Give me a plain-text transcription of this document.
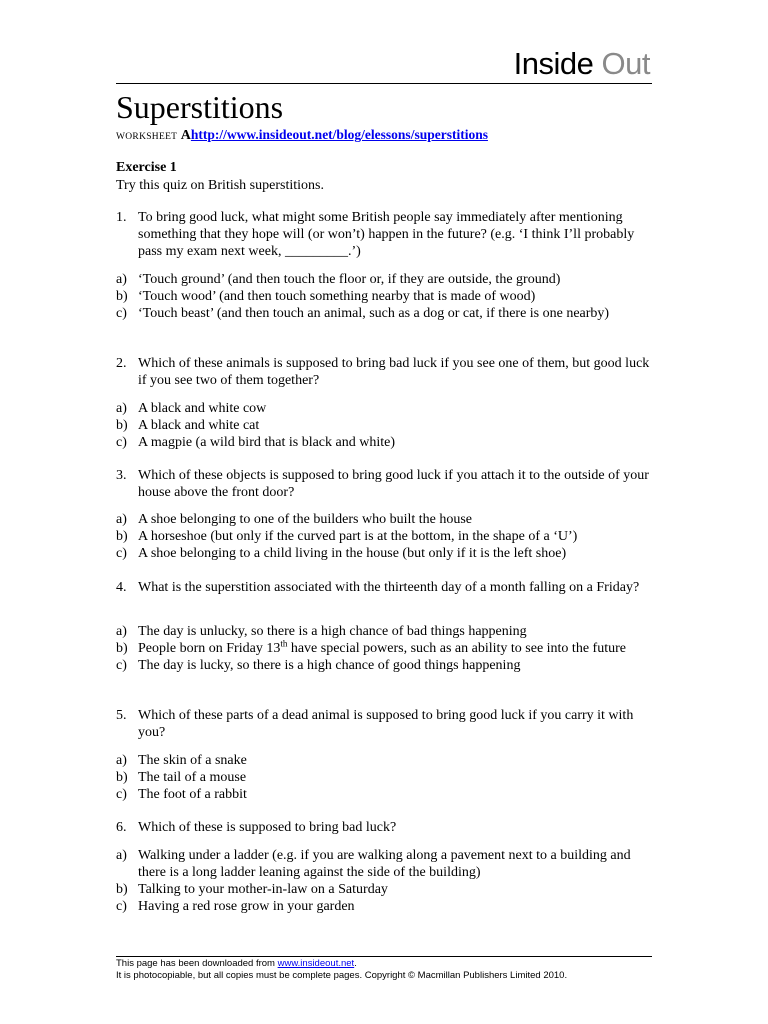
Inside Out
Superstitions
WORKSHEET Ahttp://www.insideout.net/blog/elessons/superstitions
Exercise 1
Try this quiz on British superstitions.
1. To bring good luck, what might some British people say immediately after mentioning something that they hope will (or won’t) happen in the future? (e.g. ‘I think I’ll probably pass my exam next week, _________.’)
a) ‘Touch ground’ (and then touch the floor or, if they are outside, the ground)
b) ‘Touch wood’ (and then touch something nearby that is made of wood)
c) ‘Touch beast’ (and then touch an animal, such as a dog or cat, if there is one nearby)
2. Which of these animals is supposed to bring bad luck if you see one of them, but good luck if you see two of them together?
a) A black and white cow
b) A black and white cat
c) A magpie (a wild bird that is black and white)
3. Which of these objects is supposed to bring good luck if you attach it to the outside of your house above the front door?
a) A shoe belonging to one of the builders who built the house
b) A horseshoe (but only if the curved part is at the bottom, in the shape of a ‘U’)
c) A shoe belonging to a child living in the house (but only if it is the left shoe)
4. What is the superstition associated with the thirteenth day of a month falling on a Friday?
a) The day is unlucky, so there is a high chance of bad things happening
b) People born on Friday 13th have special powers, such as an ability to see into the future
c) The day is lucky, so there is a high chance of good things happening
5. Which of these parts of a dead animal is supposed to bring good luck if you carry it with you?
a) The skin of a snake
b) The tail of a mouse
c) The foot of a rabbit
6. Which of these is supposed to bring bad luck?
a) Walking under a ladder (e.g. if you are walking along a pavement next to a building and there is a long ladder leaning against the side of the building)
b) Talking to your mother-in-law on a Saturday
c) Having a red rose grow in your garden
This page has been downloaded from www.insideout.net.
It is photocopiable, but all copies must be complete pages. Copyright © Macmillan Publishers Limited 2010.
